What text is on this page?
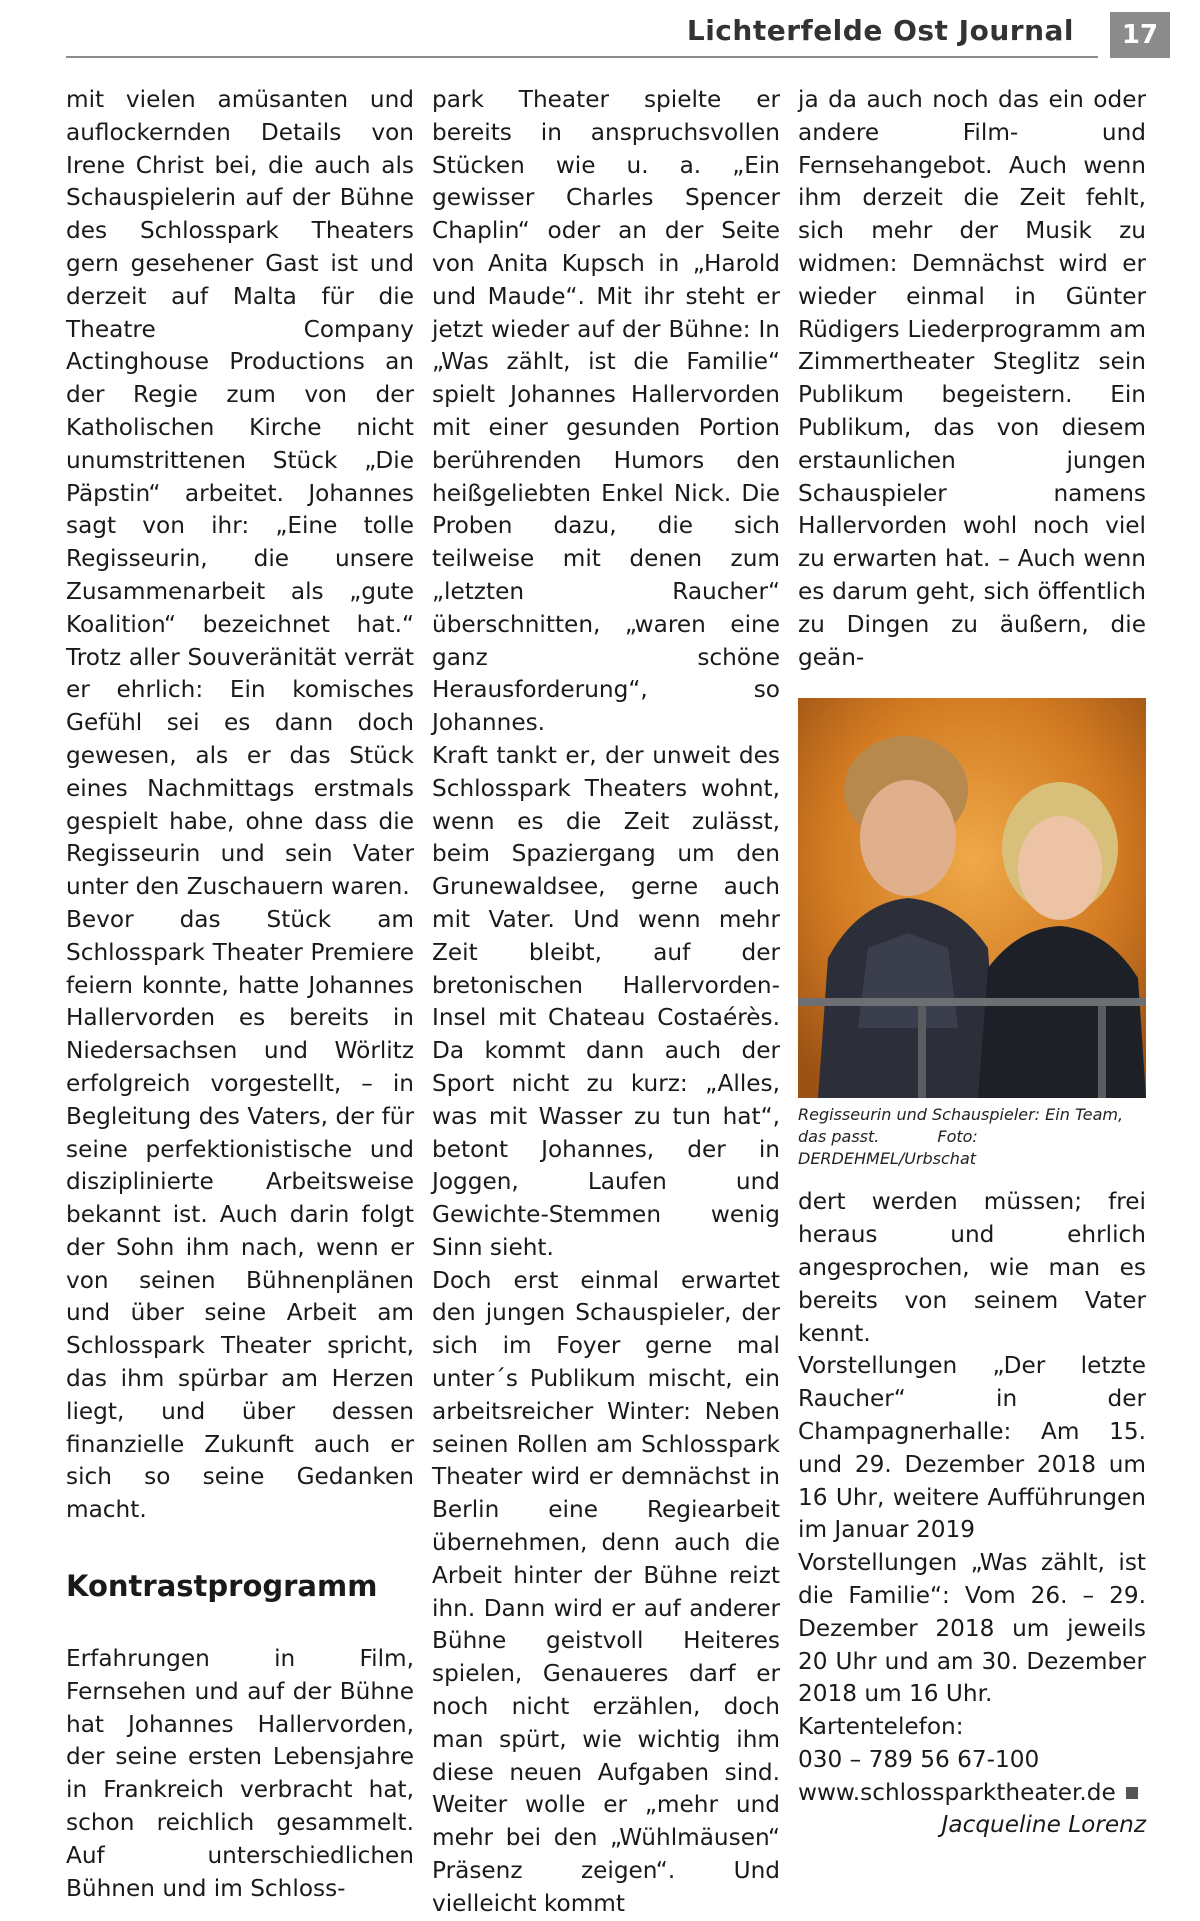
Lichterfelde Ost Journal	17

mit vielen amüsanten und auflockernden Details von Irene Christ bei, die auch als Schauspielerin auf der Bühne des Schlosspark Theaters gern gesehener Gast ist und derzeit auf Malta für die Theatre Company Actinghouse Productions an der Regie zum von der Katholischen Kirche nicht unumstrittenen Stück „Die Päpstin“ arbeitet. Johannes sagt von ihr: „Eine tolle Regisseurin, die unsere Zusammenarbeit als „gute Koalition“ bezeichnet hat.“ Trotz aller Souveränität verrät er ehrlich: Ein komisches Gefühl sei es dann doch gewesen, als er das Stück eines Nachmittags erstmals gespielt habe, ohne dass die Regisseurin und sein Vater unter den Zuschauern waren.

Bevor das Stück am Schlosspark Theater Premiere feiern konnte, hatte Johannes Hallervorden es bereits in Niedersachsen und Wörlitz erfolgreich vorgestellt, – in Begleitung des Vaters, der für seine perfektionistische und disziplinierte Arbeitsweise bekannt ist. Auch darin folgt der Sohn ihm nach, wenn er von seinen Bühnenplänen und über seine Arbeit am Schlosspark Theater spricht, das ihm spürbar am Herzen liegt, und über dessen finanzielle Zukunft auch er sich so seine Gedanken macht.

Kontrastprogramm

Erfahrungen in Film, Fernsehen und auf der Bühne hat Johannes Hallervorden, der seine ersten Lebensjahre in Frankreich verbracht hat, schon reichlich gesammelt. Auf unterschiedlichen Bühnen und im Schloss-

park Theater spielte er bereits in anspruchsvollen Stücken wie u. a. „Ein gewisser Charles Spencer Chaplin“ oder an der Seite von Anita Kupsch in „Harold und Maude“. Mit ihr steht er jetzt wieder auf der Bühne: In „Was zählt, ist die Familie“ spielt Johannes Hallervorden mit einer gesunden Portion berührenden Humors den heißgeliebten Enkel Nick. Die Proben dazu, die sich teilweise mit denen zum „letzten Raucher“ überschnitten, „waren eine ganz schöne Herausforderung“, so Johannes.

Kraft tankt er, der unweit des Schlosspark Theaters wohnt, wenn es die Zeit zulässt, beim Spaziergang um den Grunewaldsee, gerne auch mit Vater. Und wenn mehr Zeit bleibt, auf der bretonischen Hallervorden-Insel mit Chateau Costaérès. Da kommt dann auch der Sport nicht zu kurz: „Alles, was mit Wasser zu tun hat“, betont Johannes, der in Joggen, Laufen und Gewichte-Stemmen wenig Sinn sieht.

Doch erst einmal erwartet den jungen Schauspieler, der sich im Foyer gerne mal unter´s Publikum mischt, ein arbeitsreicher Winter: Neben seinen Rollen am Schlosspark Theater wird er demnächst in Berlin eine Regiearbeit übernehmen, denn auch die Arbeit hinter der Bühne reizt ihn. Dann wird er auf anderer Bühne geistvoll Heiteres spielen, Genaueres darf er noch nicht erzählen, doch man spürt, wie wichtig ihm diese neuen Aufgaben sind. Weiter wolle er „mehr und mehr bei den „Wühlmäusen“ Präsenz zeigen“. Und vielleicht kommt

ja da auch noch das ein oder andere Film- und Fernsehangebot. Auch wenn ihm derzeit die Zeit fehlt, sich mehr der Musik zu widmen: Demnächst wird er wieder einmal in Günter Rüdigers Liederprogramm am Zimmertheater Steglitz sein Publikum begeistern. Ein Publikum, das von diesem erstaunlichen jungen Schauspieler namens Hallervorden wohl noch viel zu erwarten hat. – Auch wenn es darum geht, sich öffentlich zu Dingen zu äußern, die geän-

Regisseurin und Schauspieler: Ein Team, das passt.	Foto: DERDEHMEL/Urbschat

dert werden müssen; frei heraus und ehrlich angesprochen, wie man es bereits von seinem Vater kennt.

Vorstellungen „Der letzte Raucher“ in der Champagnerhalle: Am 15. und 29. Dezember 2018 um 16 Uhr, weitere Aufführungen im Januar 2019

Vorstellungen „Was zählt, ist die Familie“: Vom 26. – 29. Dezember 2018 um jeweils 20 Uhr und am 30. Dezember 2018 um 16 Uhr.

Kartentelefon:

030 – 789 56 67-100

www.schlossparktheater.de

Jacqueline Lorenz
